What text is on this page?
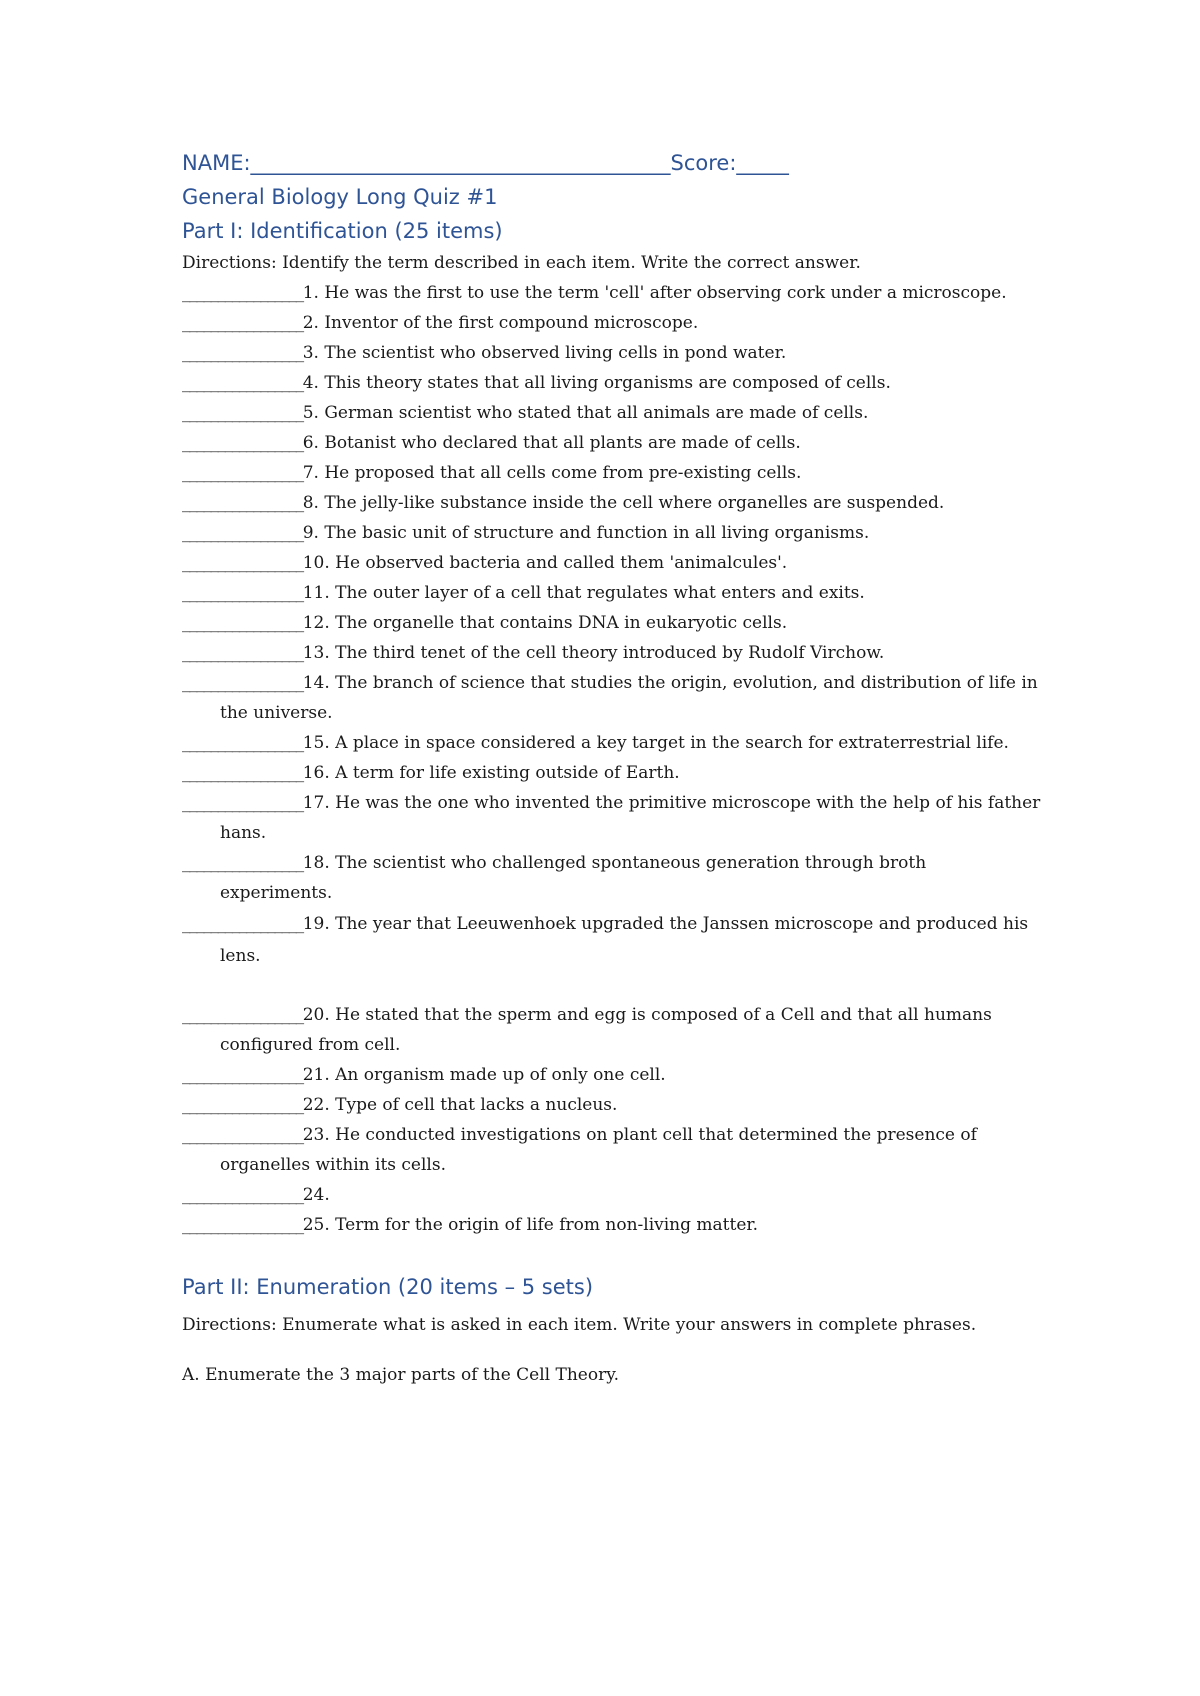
NAME:________________________________________Score:_____
General Biology Long Quiz #1
Part I: Identification (25 items)

Directions: Identify the term described in each item. Write the correct answer.

_________________1. He was the first to use the term 'cell' after observing cork under a microscope.
_________________2. Inventor of the first compound microscope.
_________________3. The scientist who observed living cells in pond water.
_________________4. This theory states that all living organisms are composed of cells.
_________________5. German scientist who stated that all animals are made of cells.
_________________6. Botanist who declared that all plants are made of cells.
_________________7. He proposed that all cells come from pre-existing cells.
_________________8. The jelly-like substance inside the cell where organelles are suspended.
_________________9. The basic unit of structure and function in all living organisms.
_________________10. He observed bacteria and called them 'animalcules'.
_________________11. The outer layer of a cell that regulates what enters and exits.
_________________12. The organelle that contains DNA in eukaryotic cells.
_________________13. The third tenet of the cell theory introduced by Rudolf Virchow.
_________________14. The branch of science that studies the origin, evolution, and distribution of life in the universe.
_________________15. A place in space considered a key target in the search for extraterrestrial life.
_________________16. A term for life existing outside of Earth.
_________________17. He was the one who invented the primitive microscope with the help of his father hans.
_________________18. The scientist who challenged spontaneous generation through broth experiments.
_________________19. The year that Leeuwenhoek upgraded the Janssen microscope and produced his lens.
_________________20. He stated that the sperm and egg is composed of a Cell and that all humans configured from cell.
_________________21. An organism made up of only one cell.
_________________22. Type of cell that lacks a nucleus.
_________________23. He conducted investigations on plant cell that determined the presence of organelles within its cells.
_________________24.
_________________25. Term for the origin of life from non-living matter.
Part II: Enumeration (20 items – 5 sets)

Directions: Enumerate what is asked in each item. Write your answers in complete phrases.

A. Enumerate the 3 major parts of the Cell Theory.
